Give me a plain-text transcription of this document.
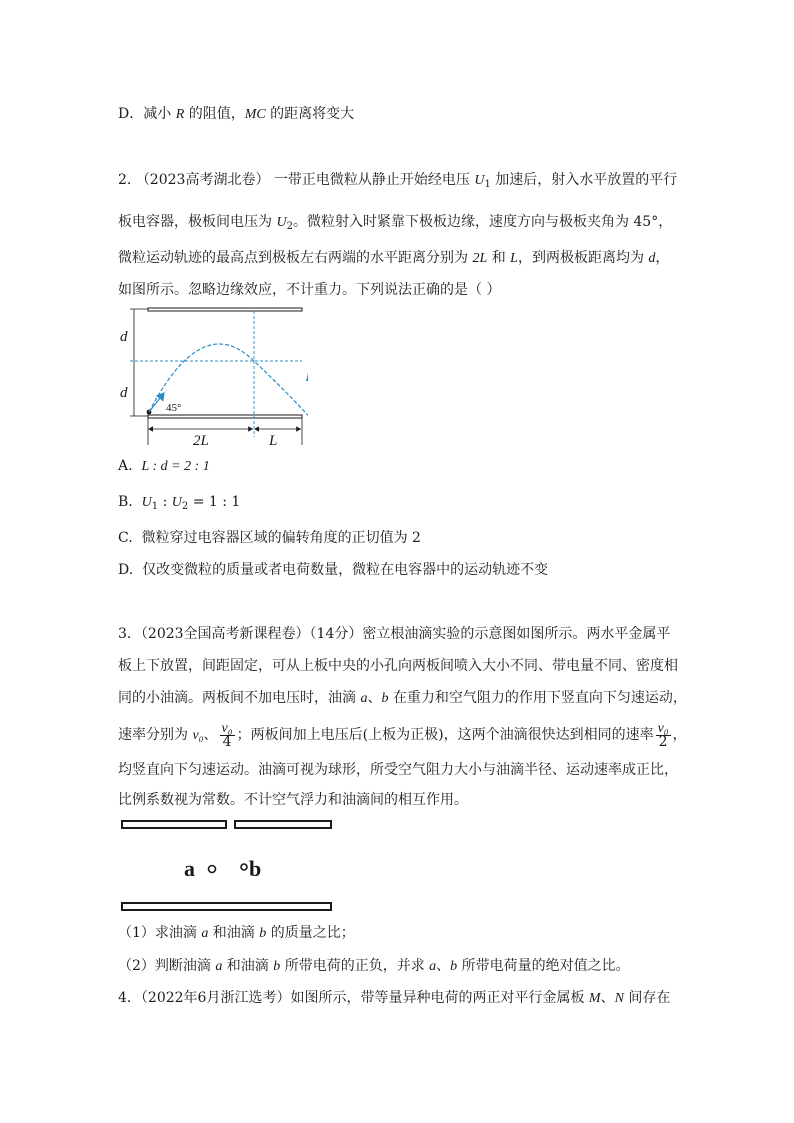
D．减小 R 的阻值，MC 的距离将变大
2. （2023高考湖北卷） 一带正电微粒从静止开始经电压 $U_1$ 加速后，射入水平放置的平行
板电容器，极板间电压为 $U_2$。微粒射入时紧靠下极板边缘，速度方向与极板夹角为 45°，
微粒运动轨迹的最高点到极板左右两端的水平距离分别为 2L 和 L，到两极板距离均为 d，
如图所示。忽略边缘效应，不计重力。下列说法正确的是（ ）
d
d
45°
2L	L
A. L : d = 2 : 1
B. $U_1$ : $U_2 = 1$ : 1
C. 微粒穿过电容器区域的偏转角度的正切值为 2
D. 仅改变微粒的质量或者电荷数量，微粒在电容器中的运动轨迹不变
3．（2023全国高考新课程卷）（14分）密立根油滴实验的示意图如图所示。两水平金属平
板上下放置，间距固定，可从上板中央的小孔向两板间喷入大小不同、带电量不同、密度相
同的小油滴。两板间不加电压时，油滴 a、b 在重力和空气阻力的作用下竖直向下匀速运动，
速率分别为 v₀、 $\frac{\text{v₀}}{4}$ ；两板间加上电压后(上板为正极)，这两个油滴很快达到相同的速率 $\frac{\text{v₀}}{2}$ ，
均竖直向下匀速运动。油滴可视为球形，所受空气阻力大小与油滴半径、运动速率成正比，
比例系数视为常数。不计空气浮力和油滴间的相互作用。
a b
（1）求油滴 a 和油滴 b 的质量之比；
（2）判断油滴 a 和油滴 b 所带电荷的正负，并求 a、b 所带电荷量的绝对值之比。
4．（2022年6月浙江选考）如图所示，带等量异种电荷的两正对平行金属板 M、N 间存在
